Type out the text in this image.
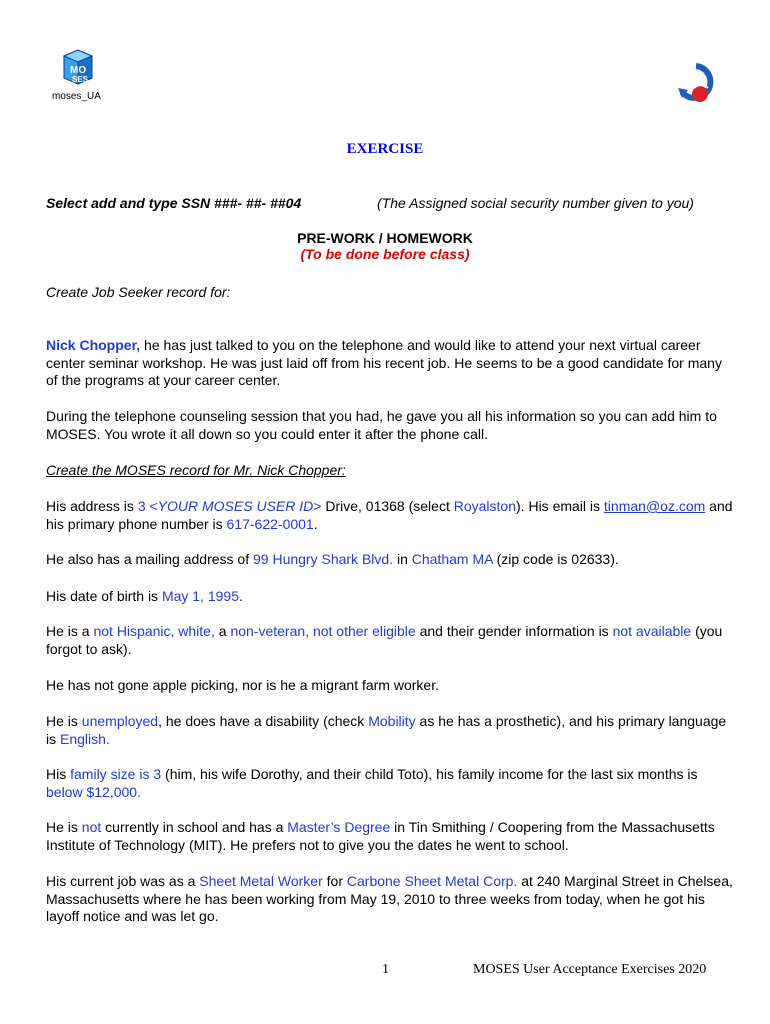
MO
SES
moses_UA
EXERCISE
Select add and type SSN ###- ##- ##04	(The Assigned social security number given to you)
PRE-WORK / HOMEWORK
(To be done before class)
Create Job Seeker record for:
Nick Chopper, he has just talked to you on the telephone and would like to attend your next virtual career center seminar workshop. He was just laid off from his recent job. He seems to be a good candidate for many of the programs at your career center.
During the telephone counseling session that you had, he gave you all his information so you can add him to MOSES. You wrote it all down so you could enter it after the phone call.
Create the MOSES record for Mr. Nick Chopper:
His address is 3 <YOUR MOSES USER ID> Drive, 01368 (select Royalston). His email is tinman@oz.com and his primary phone number is 617-622-0001.
He also has a mailing address of 99 Hungry Shark Blvd. in Chatham MA (zip code is 02633).
His date of birth is May 1, 1995.
He is a not Hispanic, white, a non-veteran, not other eligible and their gender information is not available (you forgot to ask).
He has not gone apple picking, nor is he a migrant farm worker.
He is unemployed, he does have a disability (check Mobility as he has a prosthetic), and his primary language is English.
His family size is 3 (him, his wife Dorothy, and their child Toto), his family income for the last six months is below $12,000.
He is not currently in school and has a Master’s Degree in Tin Smithing / Coopering from the Massachusetts Institute of Technology (MIT). He prefers not to give you the dates he went to school.
His current job was as a Sheet Metal Worker for Carbone Sheet Metal Corp. at 240 Marginal Street in Chelsea, Massachusetts where he has been working from May 19, 2010 to three weeks from today, when he got his layoff notice and was let go.
1	MOSES User Acceptance Exercises 2020
